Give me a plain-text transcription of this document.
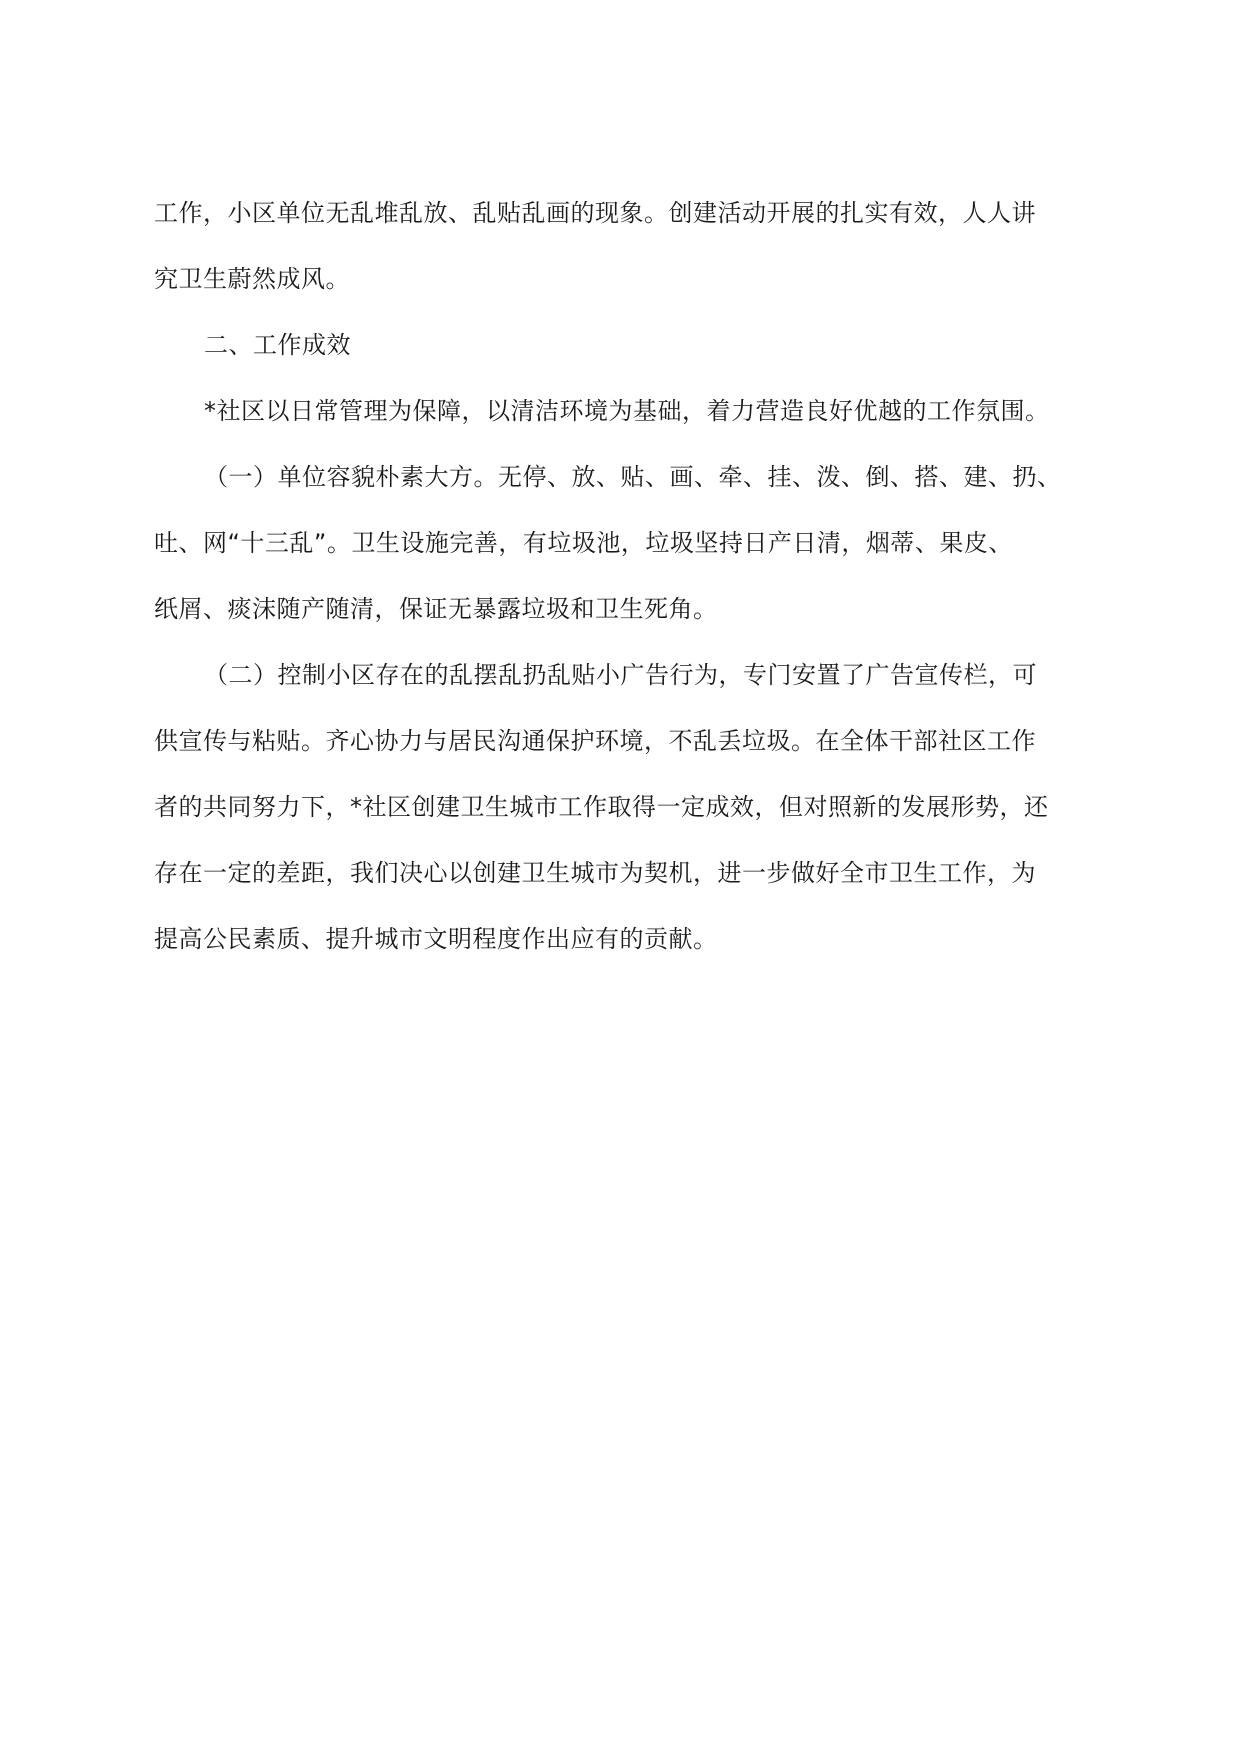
工作，小区单位无乱堆乱放、乱贴乱画的现象。创建活动开展的扎实有效，人人讲
究卫生蔚然成风。
二、工作成效
*社区以日常管理为保障，以清洁环境为基础，着力营造良好优越的工作氛围。
（一）单位容貌朴素大方。无停、放、贴、画、牵、挂、泼、倒、搭、建、扔、
吐、网“十三乱”。卫生设施完善，有垃圾池，垃圾坚持日产日清，烟蒂、果皮、
纸屑、痰沫随产随清，保证无暴露垃圾和卫生死角。
（二）控制小区存在的乱摆乱扔乱贴小广告行为，专门安置了广告宣传栏，可
供宣传与粘贴。齐心协力与居民沟通保护环境，不乱丢垃圾。在全体干部社区工作
者的共同努力下，*社区创建卫生城市工作取得一定成效，但对照新的发展形势，还
存在一定的差距，我们决心以创建卫生城市为契机，进一步做好全市卫生工作，为
提高公民素质、提升城市文明程度作出应有的贡献。
